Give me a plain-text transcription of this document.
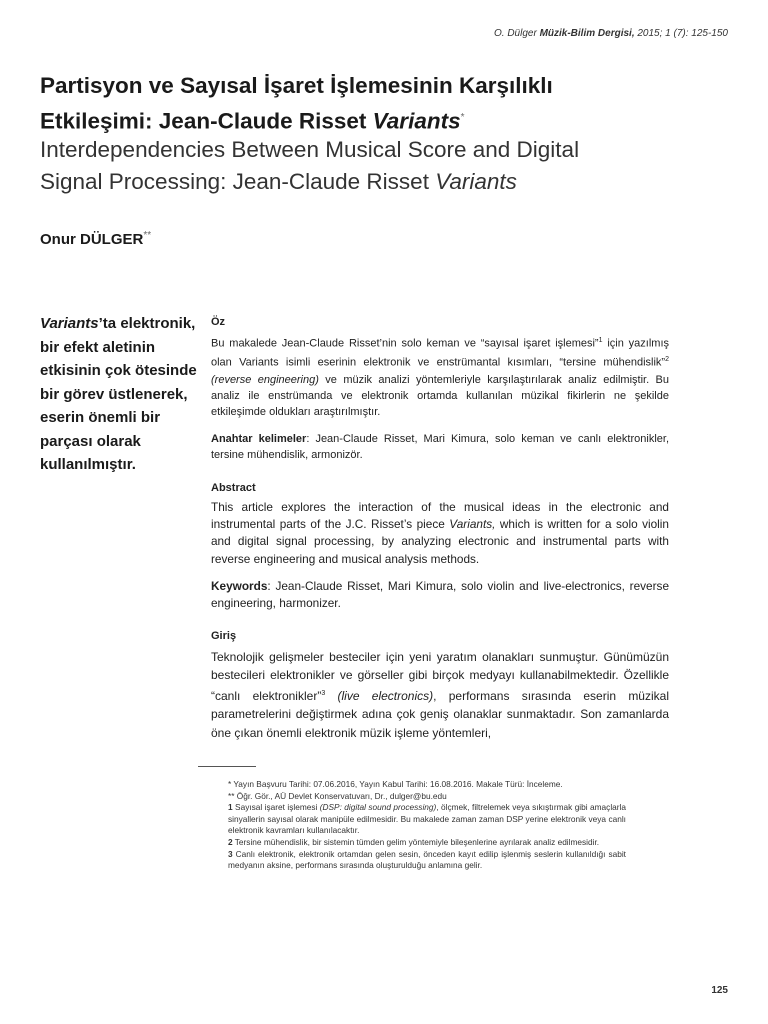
O. Dülger Müzik-Bilim Dergisi, 2015; 1 (7): 125-150
Partisyon ve Sayısal İşaret İşlemesinin Karşılıklı
Etkileşimi: Jean-Claude Risset Variants*
Interdependencies Between Musical Score and Digital
Signal Processing: Jean-Claude Risset Variants
Onur DÜLGER**
Variants’ta elektronik, bir efekt aletinin etkisinin çok ötesinde bir görev üstlenerek, eserin önemli bir parçası olarak kullanılmıştır.
Öz

Bu makalede Jean-Claude Risset’nin solo keman ve “sayısal işaret işlemesi”$^1$ için yazılmış olan Variants isimli eserinin elektronik ve enstrümantal kısımları, “tersine mühendislik”$^2$ (reverse engineering) ve müzik analizi yöntemleriyle karşılaştırılarak analiz edilmiştir. Bu analiz ile enstrümanda ve elektronik ortamda kullanılan müzikal fikirlerin ne şekilde etkileşimde oldukları araştırılmıştır.

Anahtar kelimeler: Jean-Claude Risset, Mari Kimura, solo keman ve canlı elektronikler, tersine mühendislik, armonizör.

Abstract

This article explores the interaction of the musical ideas in the electronic and instrumental parts of the J.C. Risset’s piece Variants, which is written for a solo violin and digital signal processing, by analyzing electronic and instrumental parts with reverse engineering and musical analysis methods.

Keywords: Jean-Claude Risset, Mari Kimura, solo violin and live-electronics, reverse engineering, harmonizer.

Giriş

Teknolojik gelişmeler besteciler için yeni yaratım olanakları sunmuştur. Günümüzün bestecileri elektronikler ve görseller gibi birçok medyayı kullanabilmektedir. Özellikle “canlı elektronikler”$^3$ (live electronics), performans sırasında eserin müzikal parametrelerini değiştirmek adına çok geniş olanaklar sunmaktadır. Son zamanlarda öne çıkan önemli elektronik müzik işleme yöntemleri,

* Yayın Başvuru Tarihi: 07.06.2016, Yayın Kabul Tarihi: 16.08.2016. Makale Türü: İnceleme.

** Öğr. Gör., AÜ Devlet Konservatuvarı, Dr., dulger@bu.edu

1 Sayısal işaret işlemesi (DSP: digital sound processing), ölçmek, filtrelemek veya sıkıştırmak gibi amaçlarla sinyallerin sayısal olarak manipüle edilmesidir. Bu makalede zaman zaman DSP yerine elektronik veya canlı elektronik kavramları kullanılacaktır.

2 Tersine mühendislik, bir sistemin tümden gelim yöntemiyle bileşenlerine ayrılarak analiz edilmesidir.

3 Canlı elektronik, elektronik ortamdan gelen sesin, önceden kayıt edilip işlenmiş seslerin kullanıldığı sabit medyanın aksine, performans sırasında oluşturulduğu anlamına gelir.

125
